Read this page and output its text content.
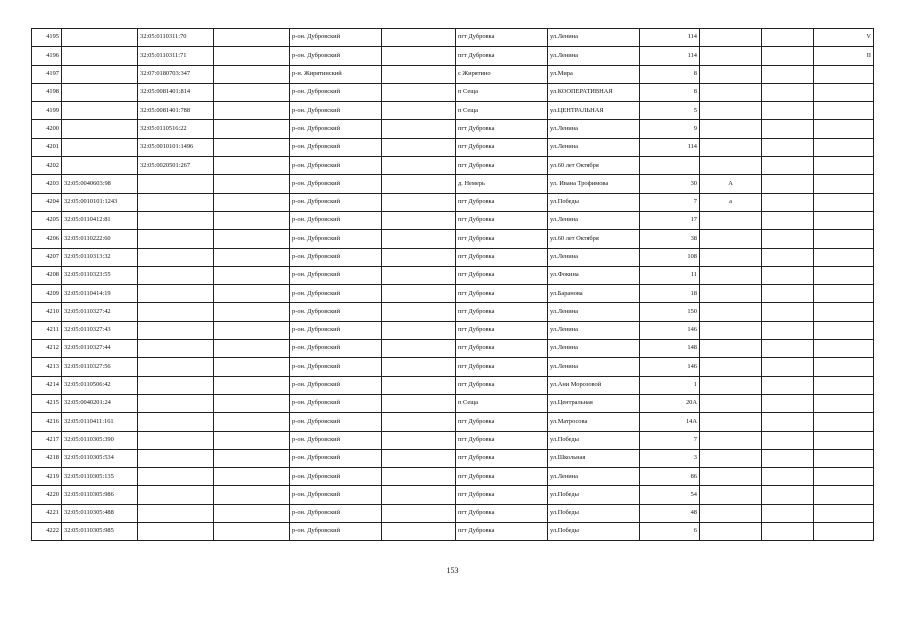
4195		32:05:0110311:70		р-он. Дубровский		пгт Дубровка	ул.Ленина	114			V
4196		32:05:0110311:71		р-он. Дубровский		пгт Дубровка	ул.Ленина	114			II
4197		32:07:0180703:347		р-н. Жирятинский		с Жирятино	ул.Мира	8			
4198		32:05:0081401:814		р-он. Дубровский		п Сеща	ул.КООПЕРАТИВНАЯ	8			
4199		32:05:0081401:788		р-он. Дубровский		п Сеща	ул.ЦЕНТРАЛЬНАЯ	5			
4200		32:05:0110516:22		р-он. Дубровский		пгт Дубровка	ул.Ленина	9			
4201		32:05:0010101:1496		р-он. Дубровский		пгт Дубровка	ул.Ленина	114			
4202		32:05:0020501:267		р-он. Дубровский		пгт Дубровка	ул.60 лет Октября				
4203	32:05:0040603:98			р-он. Дубровский		д. Немерь	ул. Ивана Трофимова	30	А		
4204	32:05:0010101:1243			р-он. Дубровский		пгт Дубровка	ул.Победы	7	а		
4205	32:05:0110412:81			р-он. Дубровский		пгт Дубровка	ул.Ленина	17			
4206	32:05:0110222:60			р-он. Дубровский		пгт Дубровка	ул.60 лет Октября	38			
4207	32:05:0110313:32			р-он. Дубровский		пгт Дубровка	ул.Ленина	108			
4208	32:05:0110323:55			р-он. Дубровский		пгт Дубровка	ул.Фокина	11			
4209	32:05:0110414:19			р-он. Дубровский		пгт Дубровка	ул.Баранова	18			
4210	32:05:0110327:42			р-он. Дубровский		пгт Дубровка	ул.Ленина	150			
4211	32:05:0110327:43			р-он. Дубровский		пгт Дубровка	ул.Ленина	146			
4212	32:05:0110327:44			р-он. Дубровский		пгт Дубровка	ул.Ленина	148			
4213	32:05:0110327:56			р-он. Дубровский		пгт Дубровка	ул.Ленина	146			
4214	32:05:0110506:42			р-он. Дубровский		пгт Дубровка	ул.Ани Морозовой	1			
4215	32:05:0040201:24			р-он. Дубровский		п Сеща	ул.Центральная	20А			
4216	32:05:0110411:161			р-он. Дубровский		пгт Дубровка	ул.Матросова	14А			
4217	32:05:0110305:390			р-он. Дубровский		пгт Дубровка	ул.Победы	7			
4218	32:05:0110305:534			р-он. Дубровский		пгт Дубровка	ул.Школьная	3			
4219	32:05:0110305:135			р-он. Дубровский		пгт Дубровка	ул.Ленина	86			
4220	32:05:0110305:986			р-он. Дубровский		пгт Дубровка	ул.Победы	54			
4221	32:05:0110305:488			р-он. Дубровский		пгт Дубровка	ул.Победы	48			
4222	32:05:0110305:985			р-он. Дубровский		пгт Дубровка	ул.Победы	6			
153
